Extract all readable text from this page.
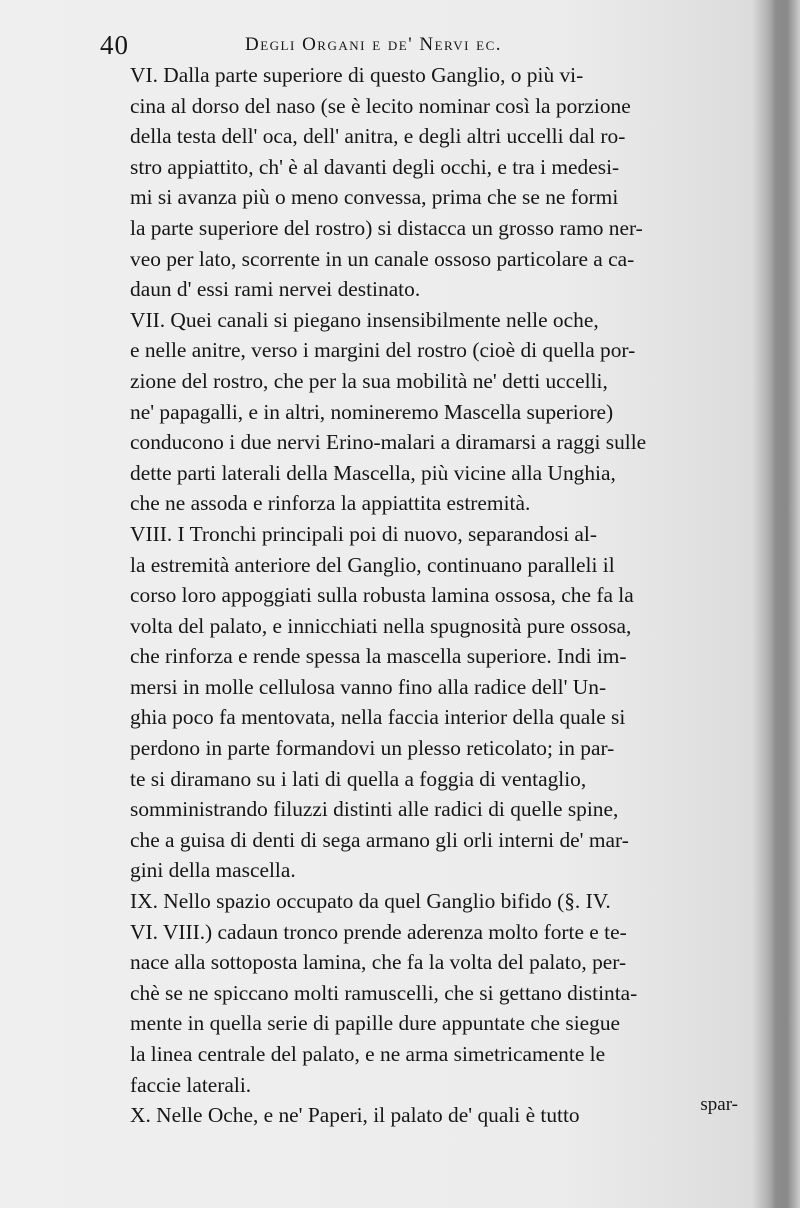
40	Degli Organi e de' Nervi ec.

VI. Dalla parte superiore di questo Ganglio, o più vi-
cina al dorso del naso (se è lecito nominar così la porzione
della testa dell' oca, dell' anitra, e degli altri uccelli dal ro-
stro appiattito, ch' è al davanti degli occhi, e tra i medesi-
mi si avanza più o meno convessa, prima che se ne formi
la parte superiore del rostro) si distacca un grosso ramo ner-
veo per lato, scorrente in un canale ossoso particolare a ca-
daun d' essi rami nervei destinato.

VII. Quei canali si piegano insensibilmente nelle oche,
e nelle anitre, verso i margini del rostro (cioè di quella por-
zione del rostro, che per la sua mobilità ne' detti uccelli,
ne' papagalli, e in altri, nomineremo Mascella superiore)
conducono i due nervi Erino-malari a diramarsi a raggi sulle
dette parti laterali della Mascella, più vicine alla Unghia,
che ne assoda e rinforza la appiattita estremità.

VIII. I Tronchi principali poi di nuovo, separandosi al-
la estremità anteriore del Ganglio, continuano paralleli il
corso loro appoggiati sulla robusta lamina ossosa, che fa la
volta del palato, e innicchiati nella spugnosità pure ossosa,
che rinforza e rende spessa la mascella superiore. Indi im-
mersi in molle cellulosa vanno fino alla radice dell' Un-
ghia poco fa mentovata, nella faccia interior della quale si
perdono in parte formandovi un plesso reticolato; in par-
te si diramano su i lati di quella a foggia di ventaglio,
somministrando filuzzi distinti alle radici di quelle spine,
che a guisa di denti di sega armano gli orli interni de' mar-
gini della mascella.

IX. Nello spazio occupato da quel Ganglio bifido (§. IV.
VI. VIII.) cadaun tronco prende aderenza molto forte e te-
nace alla sottoposta lamina, che fa la volta del palato, per-
chè se ne spiccano molti ramuscelli, che si gettano distinta-
mente in quella serie di papille dure appuntate che siegue
la linea centrale del palato, e ne arma simetricamente le
faccie laterali.

X. Nelle Oche, e ne' Paperi, il palato de' quali è tutto	spar-
